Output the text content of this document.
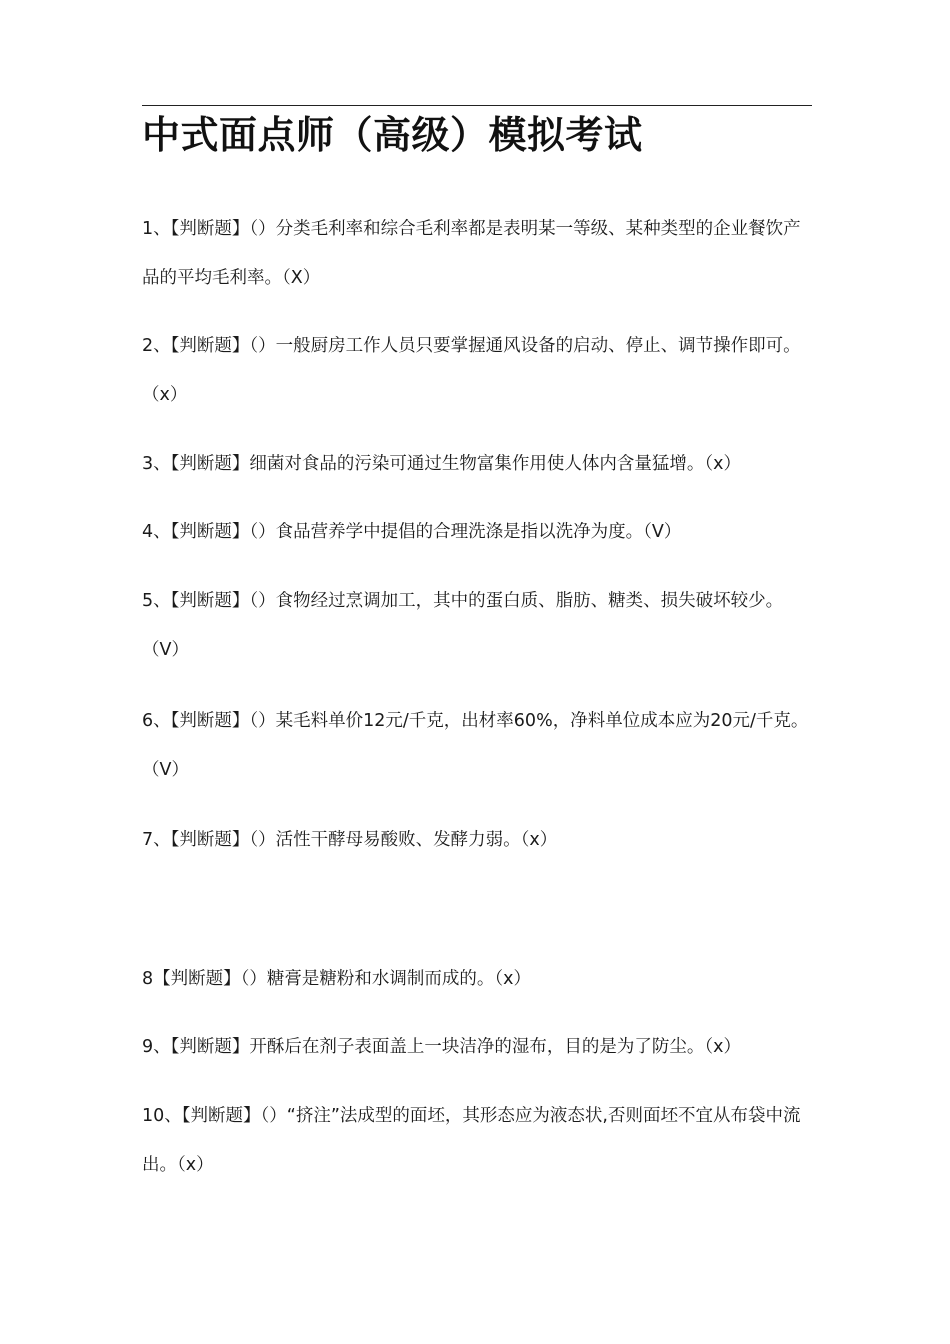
中式面点师（高级）模拟考试

1、【判断题】（）分类毛利率和综合毛利率都是表明某一等级、某种类型的企业餐饮产品的平均毛利率。（X）

2、【判断题】（）一般厨房工作人员只要掌握通风设备的启动、停止、调节操作即可。（x）

3、【判断题】细菌对食品的污染可通过生物富集作用使人体内含量猛增。（x）

4、【判断题】（）食品营养学中提倡的合理洗涤是指以洗净为度。（V）

5、【判断题】（）食物经过烹调加工，其中的蛋白质、脂肪、糖类、损失破坏较少。（V）

6、【判断题】（）某毛料单价12元/千克，出材率60%，净料单位成本应为20元/千克。（V）

7、【判断题】（）活性干酵母易酸败、发酵力弱。（x）

8【判断题】（）糖膏是糖粉和水调制而成的。（x）

9、【判断题】开酥后在剂子表面盖上一块洁净的湿布，目的是为了防尘。（x）

10、【判断题】（）“挤注”法成型的面坯，其形态应为液态状,否则面坯不宜从布袋中流出。（x）
